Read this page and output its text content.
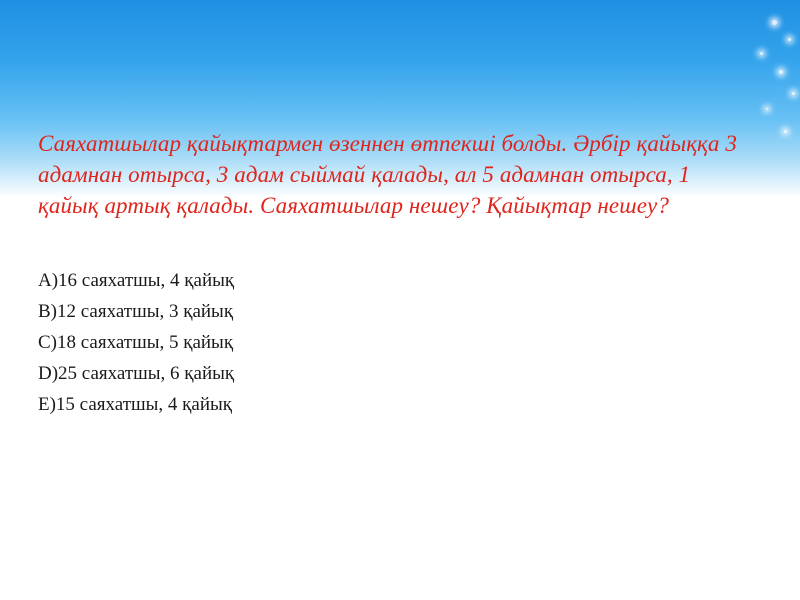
Саяхатшылар қайықтармен өзеннен өтпекші болды. Әрбір қайыққа 3 адамнан отырса, 3 адам сыймай қалады, ал 5 адамнан отырса, 1 қайық артық қалады. Саяхатшылар нешеу? Қайықтар нешеу?

A)16 саяхатшы, 4 қайық
B)12 саяхатшы, 3 қайық
C)18 саяхатшы, 5 қайық
D)25 саяхатшы, 6 қайық
E)15 саяхатшы, 4 қайық
